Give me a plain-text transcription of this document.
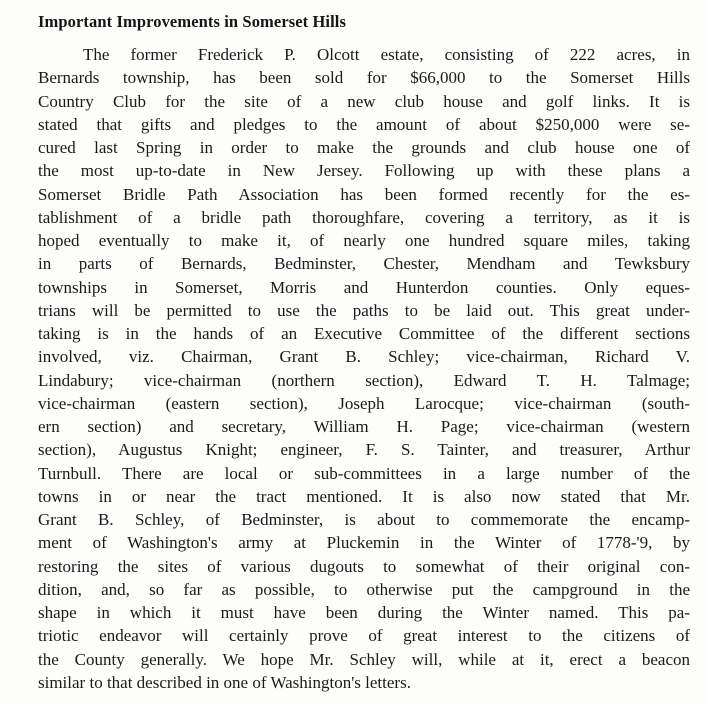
Important Improvements in Somerset Hills
The former Frederick P. Olcott estate, consisting of 222 acres, in
Bernards township, has been sold for $66,000 to the Somerset Hills
Country Club for the site of a new club house and golf links. It is
stated that gifts and pledges to the amount of about $250,000 were se-
cured last Spring in order to make the grounds and club house one of
the most up-to-date in New Jersey. Following up with these plans a
Somerset Bridle Path Association has been formed recently for the es-
tablishment of a bridle path thoroughfare, covering a territory, as it is
hoped eventually to make it, of nearly one hundred square miles, taking
in parts of Bernards, Bedminster, Chester, Mendham and Tewksbury
townships in Somerset, Morris and Hunterdon counties. Only eques-
trians will be permitted to use the paths to be laid out. This great under-
taking is in the hands of an Executive Committee of the different sections
involved, viz. Chairman, Grant B. Schley; vice-chairman, Richard V.
Lindabury; vice-chairman (northern section), Edward T. H. Talmage;
vice-chairman (eastern section), Joseph Larocque; vice-chairman (south-
ern section) and secretary, William H. Page; vice-chairman (western
section), Augustus Knight; engineer, F. S. Tainter, and treasurer, Arthur
Turnbull. There are local or sub-committees in a large number of the
towns in or near the tract mentioned. It is also now stated that Mr.
Grant B. Schley, of Bedminster, is about to commemorate the encamp-
ment of Washington's army at Pluckemin in the Winter of 1778-'9, by
restoring the sites of various dugouts to somewhat of their original con-
dition, and, so far as possible, to otherwise put the campground in the
shape in which it must have been during the Winter named. This pa-
triotic endeavor will certainly prove of great interest to the citizens of
the County generally. We hope Mr. Schley will, while at it, erect a beacon
similar to that described in one of Washington's letters.
